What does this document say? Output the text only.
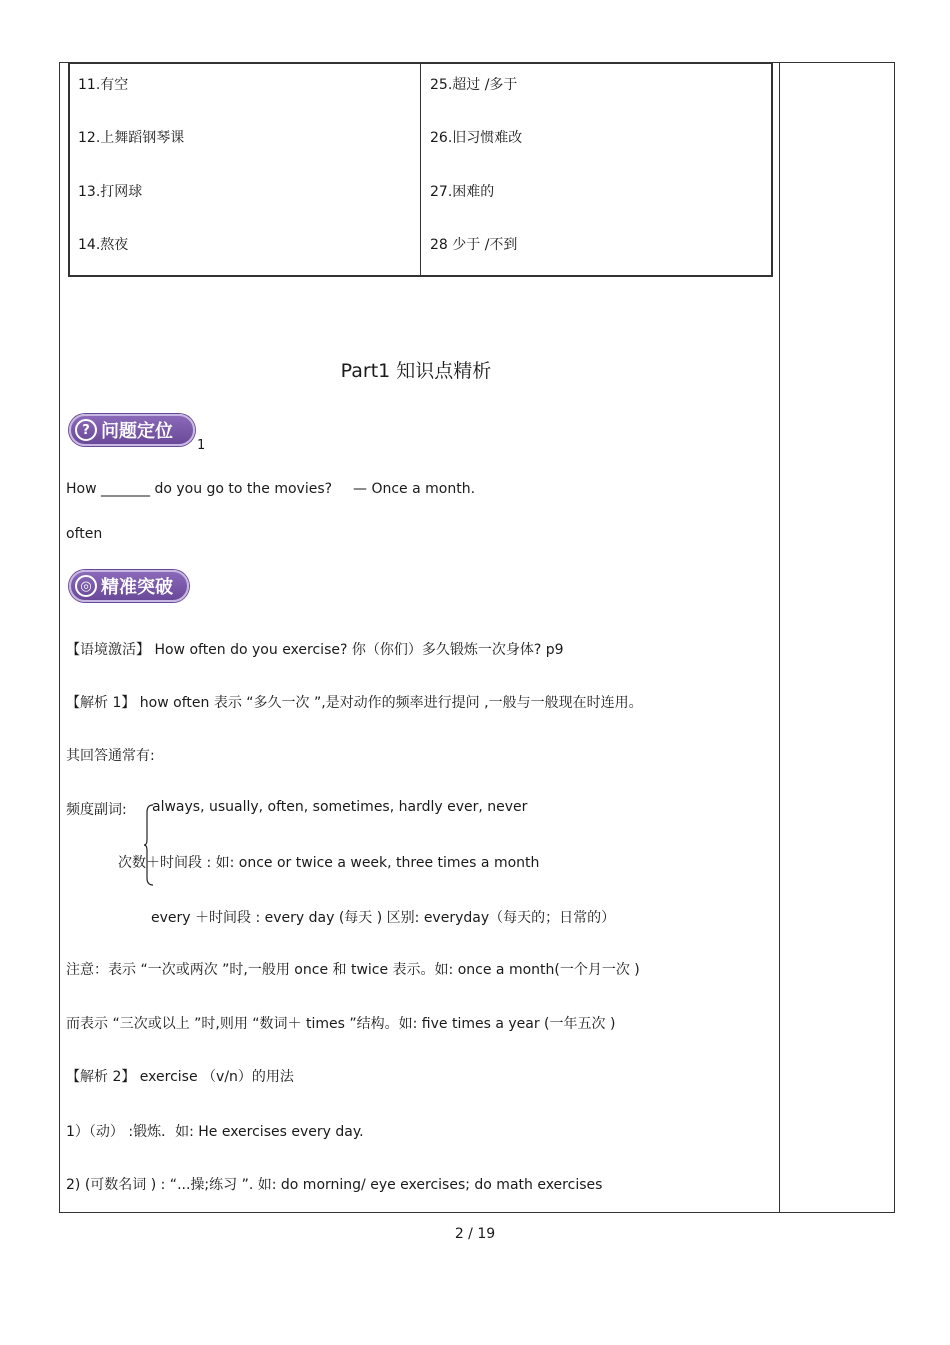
11.有空
12.上舞蹈钢琴课
13.打网球
14.熬夜
25.超过 /多于
26.旧习惯难改
27.困难的
28 少于 /不到
Part1 知识点精析
? 问题定位
1
How _______ do you go to the movies? — Once a month.
often
◎ 精准突破
【语境激活】 How often do you exercise? 你（你们）多久锻炼一次身体? p9
【解析 1】 how often 表示 “多久一次 ”,是对动作的频率进行提问 ,一般与一般现在时连用。
其回答通常有:
频度副词: always, usually, often, sometimes, hardly ever, never
次数＋时间段 : 如: once or twice a week, three times a month
every ＋时间段 : every day (每天 ) 区别: everyday（每天的；日常的）
注意：表示 “一次或两次 ”时,一般用 once 和 twice 表示。如: once a month(一个月一次 )
而表示 “三次或以上 ”时,则用 “数词＋ times ”结构。如: five times a year (一年五次 )
【解析 2】 exercise （v/n）的用法
1）（动） :锻炼．如: He exercises every day.
2) (可数名词 ) : “...操;练习 ”. 如: do morning/ eye exercises; do math exercises
2 / 19
